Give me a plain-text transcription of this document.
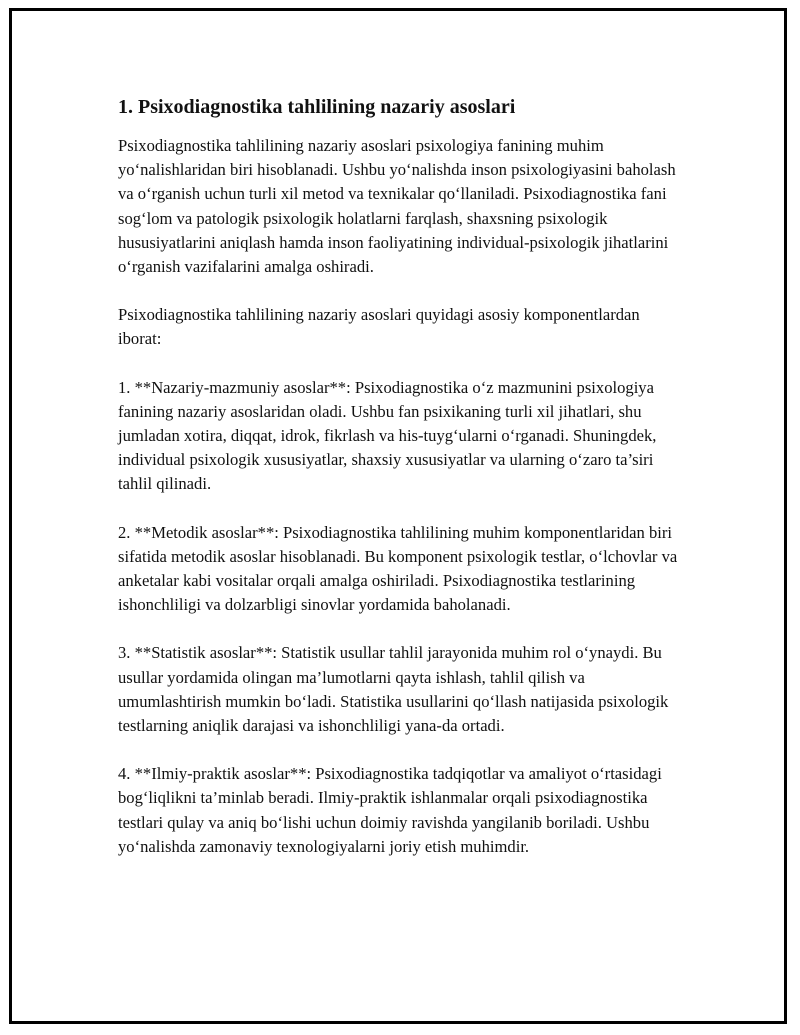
1. Psixodiagnostika tahlilining nazariy asoslari

Psixodiagnostika tahlilining nazariy asoslari psixologiya fanining muhim yo‘nalishlaridan biri hisoblanadi. Ushbu yo‘nalishda inson psixologiyasini baholash va o‘rganish uchun turli xil metod va texnikalar qo‘llaniladi. Psixodiagnostika fani sog‘lom va patologik psixologik holatlarni farqlash, shaxsning psixologik hususiyatlarini aniqlash hamda inson faoliyatining individual-psixologik jihatlarini o‘rganish vazifalarini amalga oshiradi.

Psixodiagnostika tahlilining nazariy asoslari quyidagi asosiy komponentlardan iborat:

1. **Nazariy-mazmuniy asoslar**: Psixodiagnostika o‘z mazmunini psixologiya fanining nazariy asoslaridan oladi. Ushbu fan psixikaning turli xil jihatlari, shu jumladan xotira, diqqat, idrok, fikrlash va his-tuyg‘ularni o‘rganadi. Shuningdek, individual psixologik xususiyatlar, shaxsiy xususiyatlar va ularning o‘zaro ta’siri tahlil qilinadi.

2. **Metodik asoslar**: Psixodiagnostika tahlilining muhim komponentlaridan biri sifatida metodik asoslar hisoblanadi. Bu komponent psixologik testlar, o‘lchovlar va anketalar kabi vositalar orqali amalga oshiriladi. Psixodiagnostika testlarining ishonchliligi va dolzarbligi sinovlar yordamida baholanadi.

3. **Statistik asoslar**: Statistik usullar tahlil jarayonida muhim rol o‘ynaydi. Bu usullar yordamida olingan ma’lumotlarni qayta ishlash, tahlil qilish va umumlashtirish mumkin bo‘ladi. Statistika usullarini qo‘llash natijasida psixologik testlarning aniqlik darajasi va ishonchliligi yana-da ortadi.

4. **Ilmiy-praktik asoslar**: Psixodiagnostika tadqiqotlar va amaliyot o‘rtasidagi bog‘liqlikni ta’minlab beradi. Ilmiy-praktik ishlanmalar orqali psixodiagnostika testlari qulay va aniq bo‘lishi uchun doimiy ravishda yangilanib boriladi. Ushbu yo‘nalishda zamonaviy texnologiyalarni joriy etish muhimdir.
